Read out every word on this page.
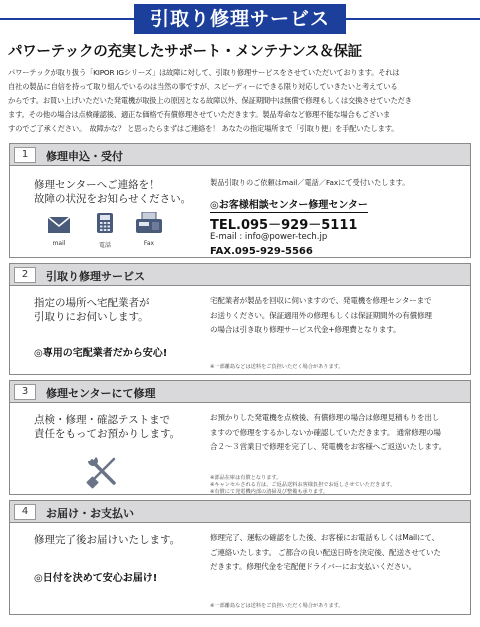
引取り修理サービス
パワーテックの充実したサポート・メンテナンス＆保証
パワーテックが取り扱う「KIPOR IGシリーズ」は故障に対して、引取り修理サービスをさせていただいております。それは
自社の製品に自信を持って取り組んでいるのは当然の事ですが、スピーディーにできる限り対応していきたいと考えている
からです。お買い上げいただいた発電機が取扱上の原因となる故障以外、保証期間中は無償で修理もしくは交換させていただき
ます。その他の場合は点検確認後、適正な価格で有償修理させていただきます。製品寿命など修理不能な場合もございま
すのでご了承ください。　故障かな？ と思ったらまずはご連絡を！ あなたの指定場所まで「引取り便」を手配いたします。
1	修理申込・受付
修理センターへご連絡を！
故障の状況をお知らせください。
mail	電話	Fax
製品引取りのご依頼はmail／電話／Faxにて受付いたします。
◎お客様相談センター修理センター
TEL.095－929－5111
E-mail : info@power-tech.jp
FAX.095-929-5566
2	引取り修理サービス
指定の場所へ宅配業者が
引取りにお伺いします。
◎専用の宅配業者だから安心!
宅配業者が製品を回収に伺いますので、発電機を修理センターまで
お送りください。保証適用外の修理もしくは保証期間外の有償修理
の場合は引き取り修理サービス代金+修理費となります。
※一部離島などは送料をご負担いただく場合があります。
3	修理センターにて修理
点検・修理・確認テストまで
責任をもってお預かりします。
お預かりした発電機を点検後、有償修理の場合は修理見積もりを出し
ますので修理をするかしないか確認していただきます。 通常修理の場
合２～３営業日で修理を完了し、発電機をお客様へご返送いたします。
※部品在庫は有償となります。
※キャンセルされる方は、ご返品送料お客様負担でお返しさせていただきます。
※有償にて発電機内部の清掃及び整備も承ります。
4	お届け・お支払い
修理完了後お届けいたします。
◎日付を決めて安心お届け!
修理完了、運転の確認をした後、お客様にお電話もしくはMailにて、
ご連絡いたします。 ご都合の良い配送日時を決定後、配送させていた
だきます。修理代金を宅配便ドライバーにお支払いください。
※一部離島などは送料をご負担いただく場合があります。
